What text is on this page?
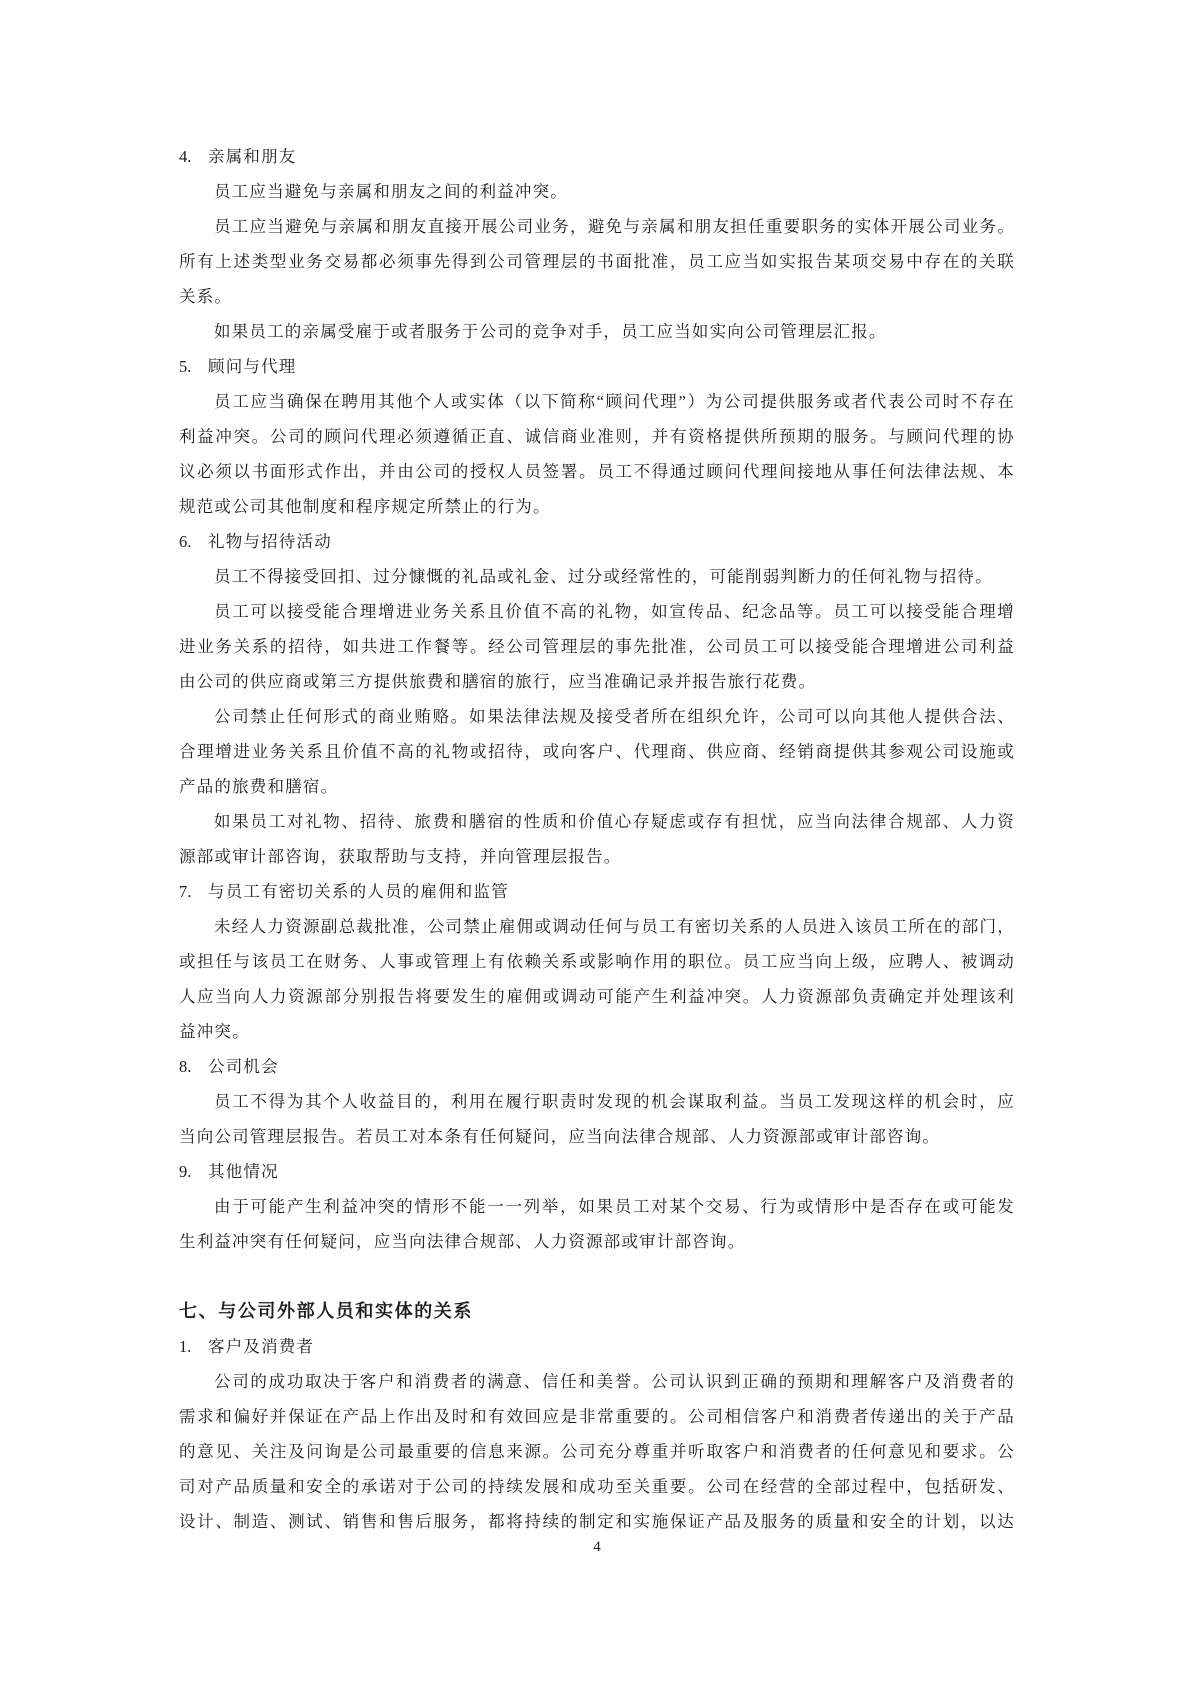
4. 亲属和朋友
员工应当避免与亲属和朋友之间的利益冲突。
员工应当避免与亲属和朋友直接开展公司业务，避免与亲属和朋友担任重要职务的实体开展公司业务。
所有上述类型业务交易都必须事先得到公司管理层的书面批准，员工应当如实报告某项交易中存在的关联
关系。
如果员工的亲属受雇于或者服务于公司的竞争对手，员工应当如实向公司管理层汇报。
5. 顾问与代理
员工应当确保在聘用其他个人或实体（以下简称“顾问代理”）为公司提供服务或者代表公司时不存在
利益冲突。公司的顾问代理必须遵循正直、诚信商业准则，并有资格提供所预期的服务。与顾问代理的协
议必须以书面形式作出，并由公司的授权人员签署。员工不得通过顾问代理间接地从事任何法律法规、本
规范或公司其他制度和程序规定所禁止的行为。
6. 礼物与招待活动
员工不得接受回扣、过分慷慨的礼品或礼金、过分或经常性的，可能削弱判断力的任何礼物与招待。
员工可以接受能合理增进业务关系且价值不高的礼物，如宣传品、纪念品等。员工可以接受能合理增
进业务关系的招待，如共进工作餐等。经公司管理层的事先批准，公司员工可以接受能合理增进公司利益
由公司的供应商或第三方提供旅费和膳宿的旅行，应当准确记录并报告旅行花费。
公司禁止任何形式的商业贿赂。如果法律法规及接受者所在组织允许，公司可以向其他人提供合法、
合理增进业务关系且价值不高的礼物或招待，或向客户、代理商、供应商、经销商提供其参观公司设施或
产品的旅费和膳宿。
如果员工对礼物、招待、旅费和膳宿的性质和价值心存疑虑或存有担忧，应当向法律合规部、人力资
源部或审计部咨询，获取帮助与支持，并向管理层报告。
7. 与员工有密切关系的人员的雇佣和监管
未经人力资源副总裁批准，公司禁止雇佣或调动任何与员工有密切关系的人员进入该员工所在的部门，
或担任与该员工在财务、人事或管理上有依赖关系或影响作用的职位。员工应当向上级，应聘人、被调动
人应当向人力资源部分别报告将要发生的雇佣或调动可能产生利益冲突。人力资源部负责确定并处理该利
益冲突。
8. 公司机会
员工不得为其个人收益目的，利用在履行职责时发现的机会谋取利益。当员工发现这样的机会时，应
当向公司管理层报告。若员工对本条有任何疑问，应当向法律合规部、人力资源部或审计部咨询。
9. 其他情况
由于可能产生利益冲突的情形不能一一列举，如果员工对某个交易、行为或情形中是否存在或可能发
生利益冲突有任何疑问，应当向法律合规部、人力资源部或审计部咨询。
七、与公司外部人员和实体的关系
1. 客户及消费者
公司的成功取决于客户和消费者的满意、信任和美誉。公司认识到正确的预期和理解客户及消费者的
需求和偏好并保证在产品上作出及时和有效回应是非常重要的。公司相信客户和消费者传递出的关于产品
的意见、关注及问询是公司最重要的信息来源。公司充分尊重并听取客户和消费者的任何意见和要求。公
司对产品质量和安全的承诺对于公司的持续发展和成功至关重要。公司在经营的全部过程中，包括研发、
设计、制造、测试、销售和售后服务，都将持续的制定和实施保证产品及服务的质量和安全的计划，以达
4
